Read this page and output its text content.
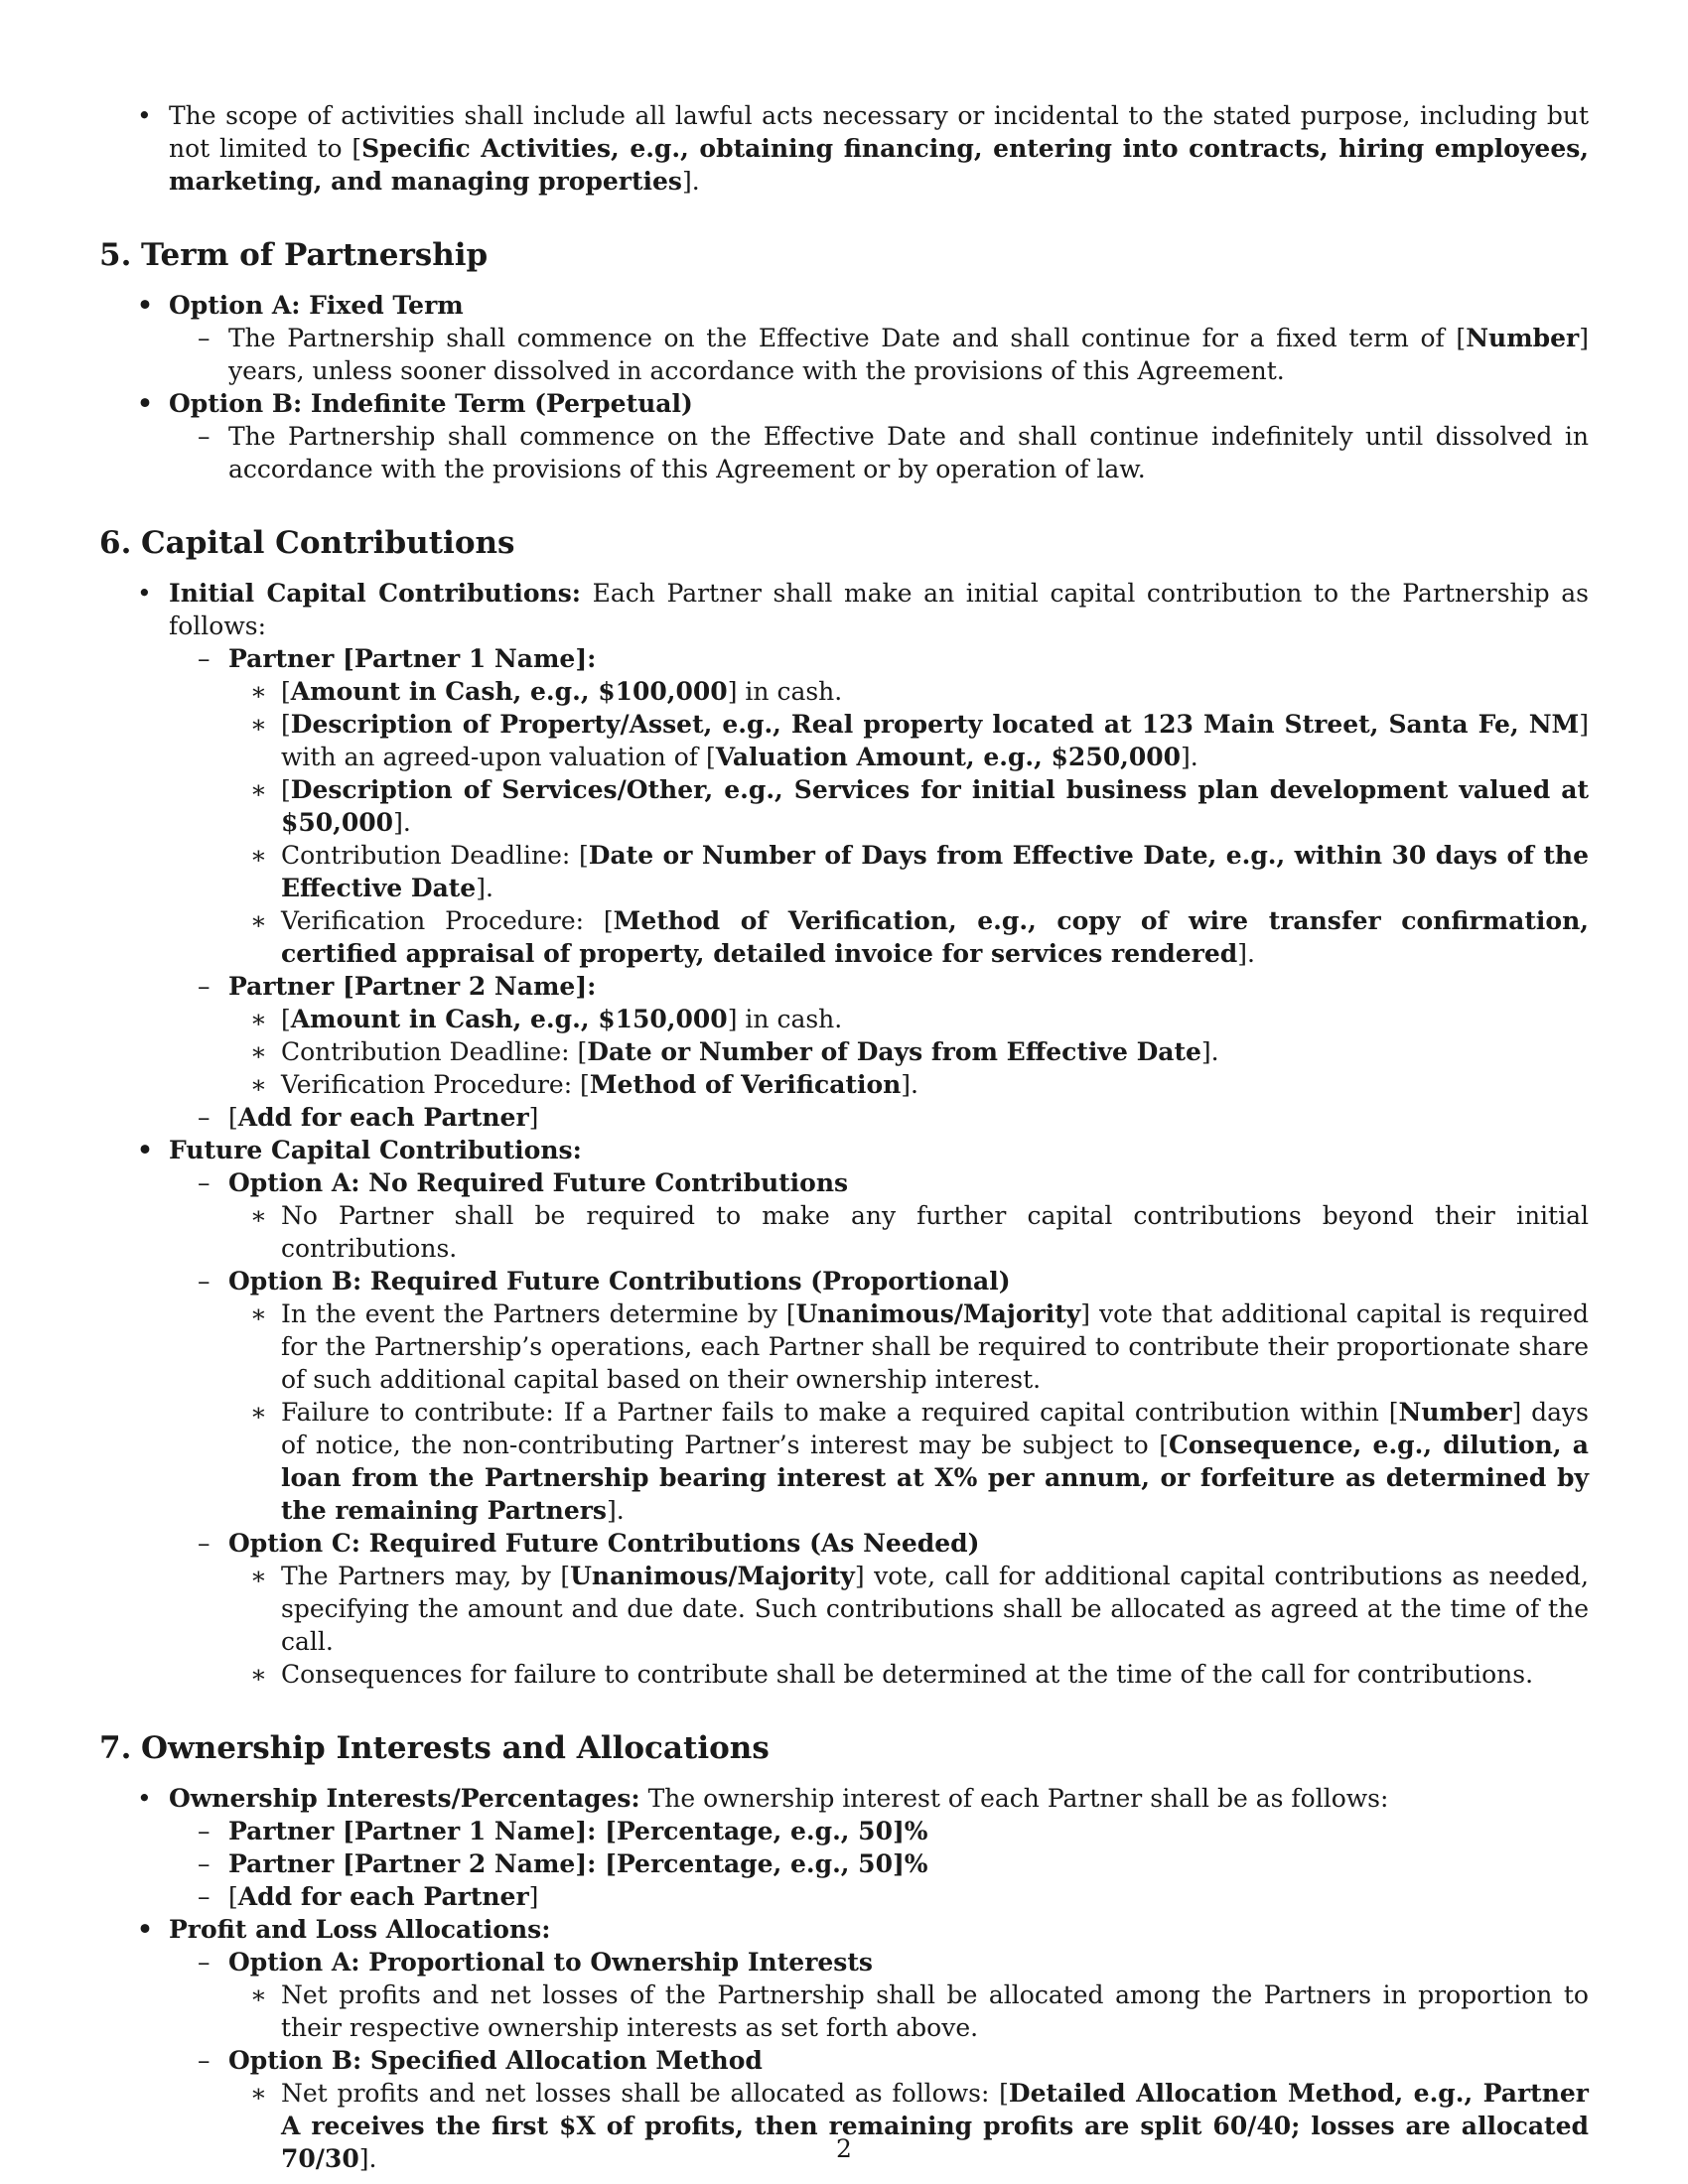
• The scope of activities shall include all lawful acts necessary or incidental to the stated purpose, including but not limited to [Specific Activities, e.g., obtaining financing, entering into contracts, hiring employees, marketing, and managing properties].
5. Term of Partnership
• Option A: Fixed Term
– The Partnership shall commence on the Effective Date and shall continue for a fixed term of [Number] years, unless sooner dissolved in accordance with the provisions of this Agreement.
• Option B: Indefinite Term (Perpetual)
– The Partnership shall commence on the Effective Date and shall continue indefinitely until dissolved in accordance with the provisions of this Agreement or by operation of law.
6. Capital Contributions
• Initial Capital Contributions: Each Partner shall make an initial capital contribution to the Partnership as follows:
– Partner [Partner 1 Name]:
∗ [Amount in Cash, e.g., $100,000] in cash.
∗ [Description of Property/Asset, e.g., Real property located at 123 Main Street, Santa Fe, NM] with an agreed-upon valuation of [Valuation Amount, e.g., $250,000].
∗ [Description of Services/Other, e.g., Services for initial business plan development valued at $50,000].
∗ Contribution Deadline: [Date or Number of Days from Effective Date, e.g., within 30 days of the Effective Date].
∗ Verification Procedure: [Method of Verification, e.g., copy of wire transfer confirmation, certified appraisal of property, detailed invoice for services rendered].
– Partner [Partner 2 Name]:
∗ [Amount in Cash, e.g., $150,000] in cash.
∗ Contribution Deadline: [Date or Number of Days from Effective Date].
∗ Verification Procedure: [Method of Verification].
– [Add for each Partner]
• Future Capital Contributions:
– Option A: No Required Future Contributions
∗ No Partner shall be required to make any further capital contributions beyond their initial contributions.
– Option B: Required Future Contributions (Proportional)
∗ In the event the Partners determine by [Unanimous/Majority] vote that additional capital is required for the Partnership’s operations, each Partner shall be required to contribute their proportionate share of such additional capital based on their ownership interest.
∗ Failure to contribute: If a Partner fails to make a required capital contribution within [Number] days of notice, the non-contributing Partner’s interest may be subject to [Consequence, e.g., dilution, a loan from the Partnership bearing interest at X% per annum, or forfeiture as determined by the remaining Partners].
– Option C: Required Future Contributions (As Needed)
∗ The Partners may, by [Unanimous/Majority] vote, call for additional capital contributions as needed, specifying the amount and due date. Such contributions shall be allocated as agreed at the time of the call.
∗ Consequences for failure to contribute shall be determined at the time of the call for contributions.
7. Ownership Interests and Allocations
• Ownership Interests/Percentages: The ownership interest of each Partner shall be as follows:
– Partner [Partner 1 Name]: [Percentage, e.g., 50]%
– Partner [Partner 2 Name]: [Percentage, e.g., 50]%
– [Add for each Partner]
• Profit and Loss Allocations:
– Option A: Proportional to Ownership Interests
∗ Net profits and net losses of the Partnership shall be allocated among the Partners in proportion to their respective ownership interests as set forth above.
– Option B: Specified Allocation Method
∗ Net profits and net losses shall be allocated as follows: [Detailed Allocation Method, e.g., Partner A receives the first $X of profits, then remaining profits are split 60/40; losses are allocated 70/30].	2
